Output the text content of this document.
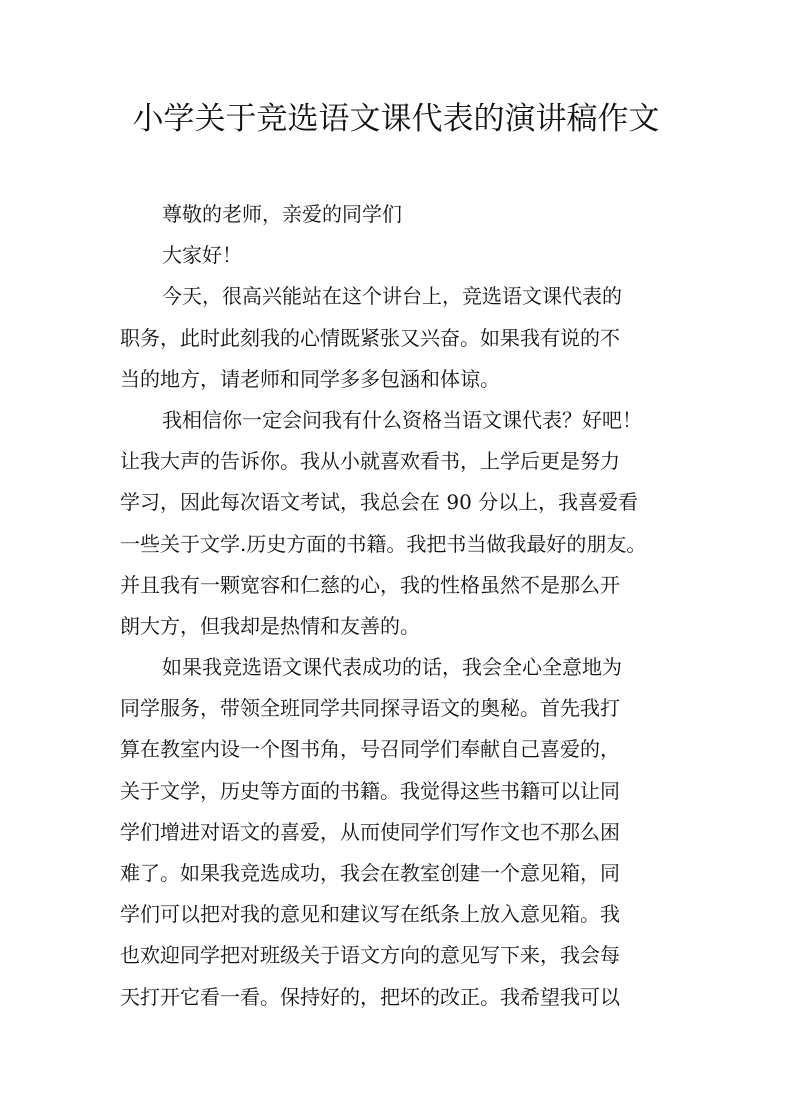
小学关于竞选语文课代表的演讲稿作文
尊敬的老师，亲爱的同学们
大家好！
今天，很高兴能站在这个讲台上，竞选语文课代表的
职务，此时此刻我的心情既紧张又兴奋。如果我有说的不
当的地方，请老师和同学多多包涵和体谅。
我相信你一定会问我有什么资格当语文课代表？好吧！
让我大声的告诉你。我从小就喜欢看书，上学后更是努力
学习，因此每次语文考试，我总会在 90 分以上，我喜爱看
一些关于文学.历史方面的书籍。我把书当做我最好的朋友。
并且我有一颗宽容和仁慈的心，我的性格虽然不是那么开
朗大方，但我却是热情和友善的。
如果我竞选语文课代表成功的话，我会全心全意地为
同学服务，带领全班同学共同探寻语文的奥秘。首先我打
算在教室内设一个图书角，号召同学们奉献自己喜爱的，
关于文学，历史等方面的书籍。我觉得这些书籍可以让同
学们增进对语文的喜爱，从而使同学们写作文也不那么困
难了。如果我竞选成功，我会在教室创建一个意见箱，同
学们可以把对我的意见和建议写在纸条上放入意见箱。我
也欢迎同学把对班级关于语文方向的意见写下来，我会每
天打开它看一看。保持好的，把坏的改正。我希望我可以
